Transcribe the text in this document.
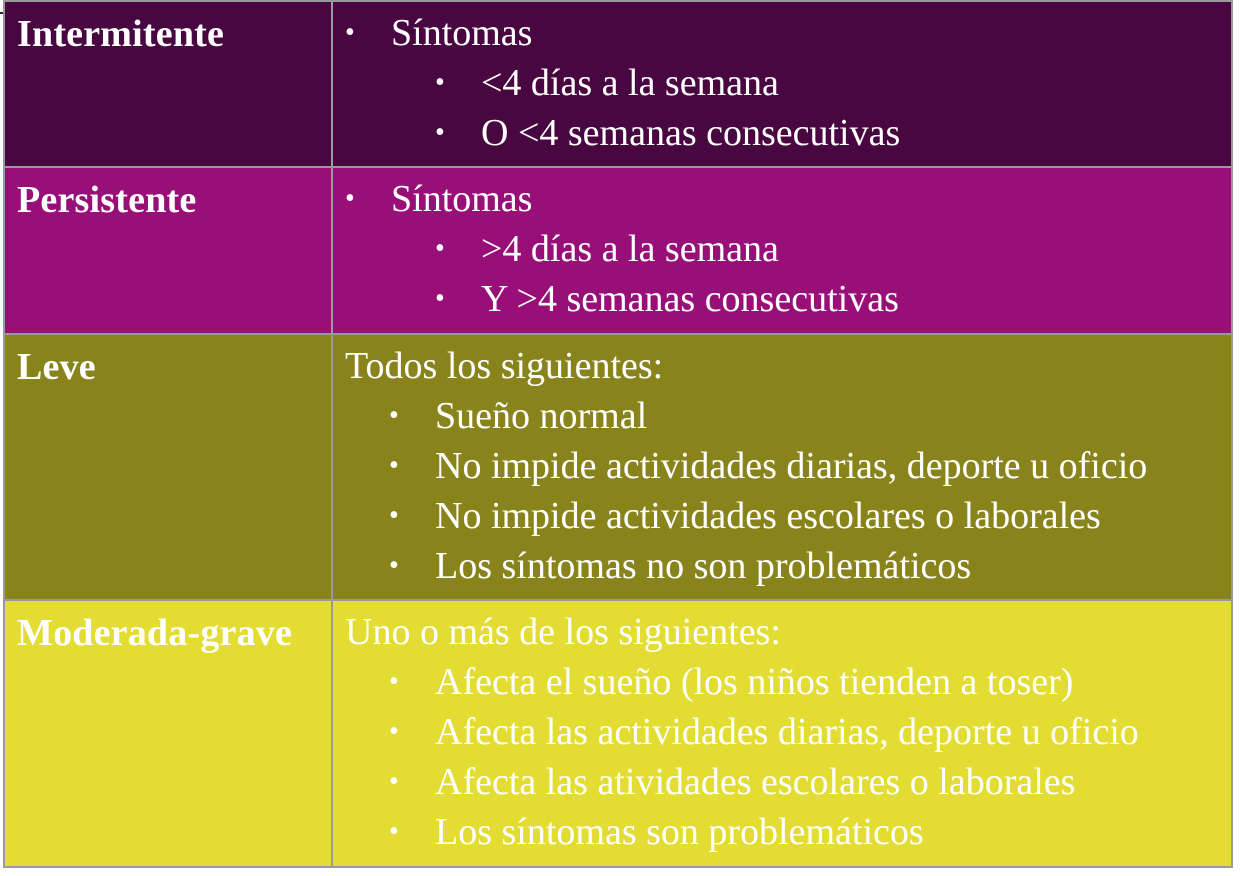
Intermitente	• Síntomas
• <4 días a la semana
• O <4 semanas consecutivas

Persistente	• Síntomas
• >4 días a la semana
• Y >4 semanas consecutivas

Leve	Todos los siguientes:
• Sueño normal
• No impide actividades diarias, deporte u oficio
• No impide actividades escolares o laborales
• Los síntomas no son problemáticos

Moderada-grave	Uno o más de los siguientes:
• Afecta el sueño (los niños tienden a toser)
• Afecta las actividades diarias, deporte u oficio
• Afecta las atividades escolares o laborales
• Los síntomas son problemáticos
